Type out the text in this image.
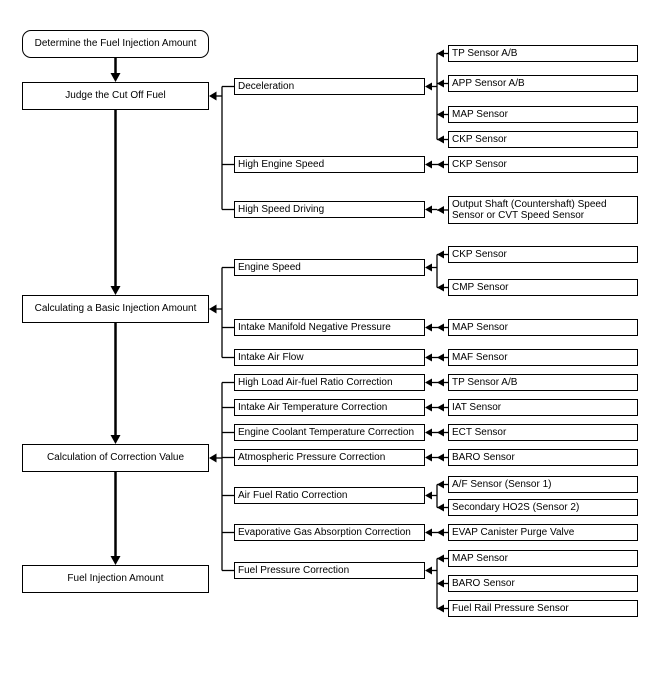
Determine the Fuel Injection Amount
Judge the Cut Off Fuel
Calculating a Basic Injection Amount
Calculation of Correction Value
Fuel Injection Amount
Deceleration
High Engine Speed
High Speed Driving
Engine Speed
Intake Manifold Negative Pressure
Intake Air Flow
High Load Air-fuel Ratio Correction
Intake Air Temperature Correction
Engine Coolant Temperature Correction
Atmospheric Pressure Correction
Air Fuel Ratio Correction
Evaporative Gas Absorption Correction
Fuel Pressure Correction
TP Sensor A/B
APP Sensor A/B
MAP Sensor
CKP Sensor
CKP Sensor
Output Shaft (Countershaft) Speed Sensor or CVT Speed Sensor
CKP Sensor
CMP Sensor
MAP Sensor
MAF Sensor
TP Sensor A/B
IAT Sensor
ECT Sensor
BARO Sensor
A/F Sensor (Sensor 1)
Secondary HO2S (Sensor 2)
EVAP Canister Purge Valve
MAP Sensor
BARO Sensor
Fuel Rail Pressure Sensor
